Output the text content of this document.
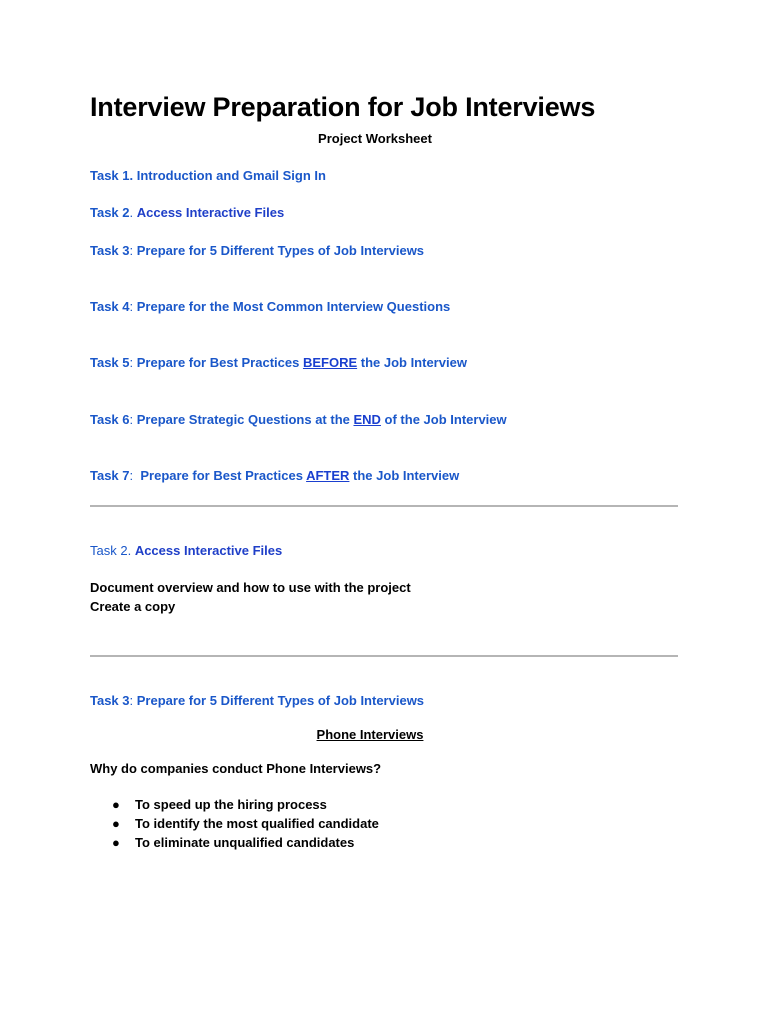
Interview Preparation for Job Interviews
Project Worksheet
Task 1. Introduction and Gmail Sign In
Task 2. Access Interactive Files
Task 3: Prepare for 5 Different Types of Job Interviews
Task 4: Prepare for the Most Common Interview Questions
Task 5: Prepare for Best Practices BEFORE the Job Interview
Task 6: Prepare Strategic Questions at the END of the Job Interview
Task 7:  Prepare for Best Practices AFTER the Job Interview
Task 2. Access Interactive Files
Document overview and how to use with the project
Create a copy
Task 3: Prepare for 5 Different Types of Job Interviews
Phone Interviews
Why do companies conduct Phone Interviews?
● To speed up the hiring process
● To identify the most qualified candidate
● To eliminate unqualified candidates
